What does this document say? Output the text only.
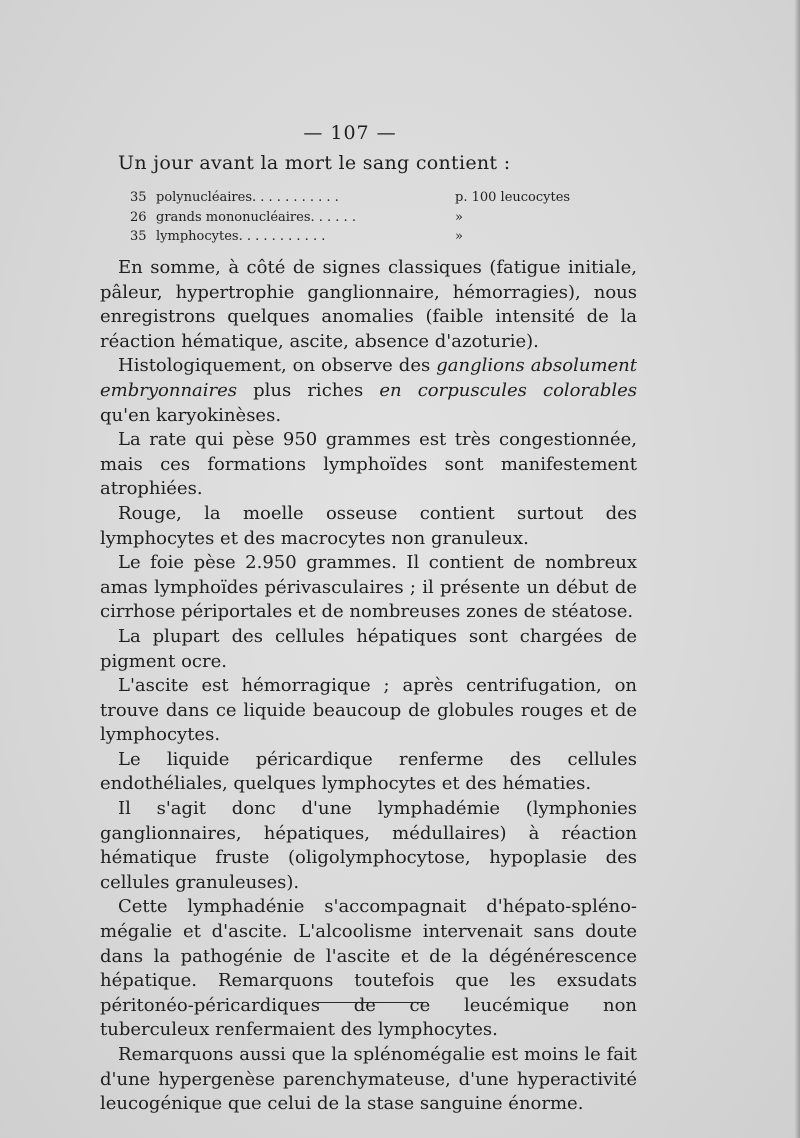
— 107 —
Un jour avant la mort le sang contient :
35 polynucléaires. . . . . . . . . . .	p. 100 leucocytes
26 grands mononucléaires. . . . . .	»
35 lymphocytes. . . . . . . . . . .	»

En somme, à côté de signes classiques (fatigue initiale, pâleur, hypertrophie ganglionnaire, hémorragies), nous enregistrons quelques anomalies (faible intensité de la réaction hématique, ascite, absence d'azoturie).

Histologiquement, on observe des ganglions absolument embryonnaires plus riches en corpuscules colorables qu'en karyokinèses.

La rate qui pèse 950 grammes est très congestionnée, mais ces formations lymphoïdes sont manifestement atrophiées.

Rouge, la moelle osseuse contient surtout des lymphocytes et des macrocytes non granuleux.

Le foie pèse 2.950 grammes. Il contient de nombreux amas lymphoïdes périvasculaires ; il présente un début de cirrhose périportales et de nombreuses zones de stéatose.

La plupart des cellules hépatiques sont chargées de pigment ocre.

L'ascite est hémorragique ; après centrifugation, on trouve dans ce liquide beaucoup de globules rouges et de lymphocytes.

Le liquide péricardique renferme des cellules endothéliales, quelques lymphocytes et des hématies.

Il s'agit donc d'une lymphadémie (lymphonies ganglionnaires, hépatiques, médullaires) à réaction hématique fruste (oligolymphocytose, hypoplasie des cellules granuleuses).

Cette lymphadénie s'accompagnait d'hépato-spléno-mégalie et d'ascite. L'alcoolisme intervenait sans doute dans la pathogénie de l'ascite et de la dégénérescence hépatique. Remarquons toutefois que les exsudats péritonéo-péricardiques de ce leucémique non tuberculeux renfermaient des lymphocytes.

Remarquons aussi que la splénomégalie est moins le fait d'une hypergenèse parenchymateuse, d'une hyperactivité leucogénique que celui de la stase sanguine énorme.
